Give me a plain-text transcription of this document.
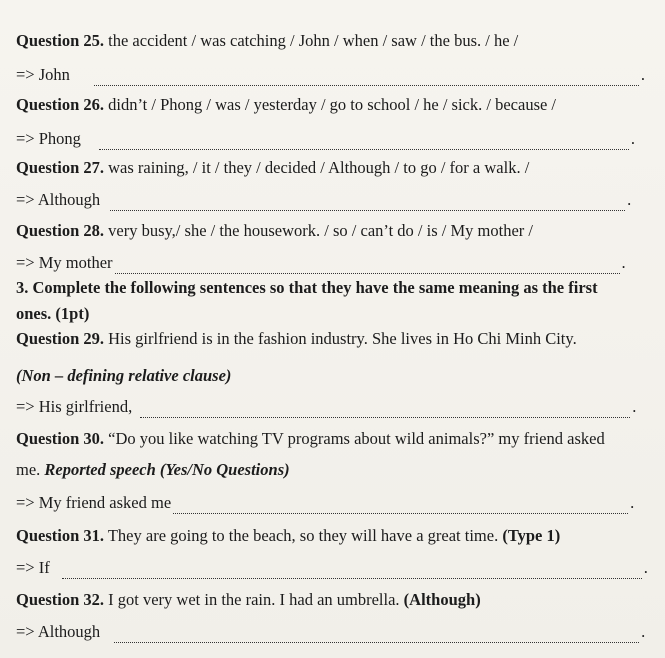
Question 25. the accident / was catching / John / when / saw / the bus. / he /
=> John	.
Question 26. didn’t / Phong / was / yesterday / go to school / he / sick. / because /
=> Phong	.
Question 27. was raining, / it / they / decided / Although / to go / for a walk. /
=> Although	.
Question 28. very busy,/ she / the housework. / so / can’t do / is / My mother /
=> My mother	.
3. Complete the following sentences so that they have the same meaning as the first
ones. (1pt)
Question 29. His girlfriend is in the fashion industry. She lives in Ho Chi Minh City.
(Non – defining relative clause)
=> His girlfriend,	.
Question 30. “Do you like watching TV programs about wild animals?” my friend asked
me. Reported speech (Yes/No Questions)
=> My friend asked me	.
Question 31. They are going to the beach, so they will have a great time. (Type 1)
=> If	.
Question 32. I got very wet in the rain. I had an umbrella. (Although)
=> Although	.
